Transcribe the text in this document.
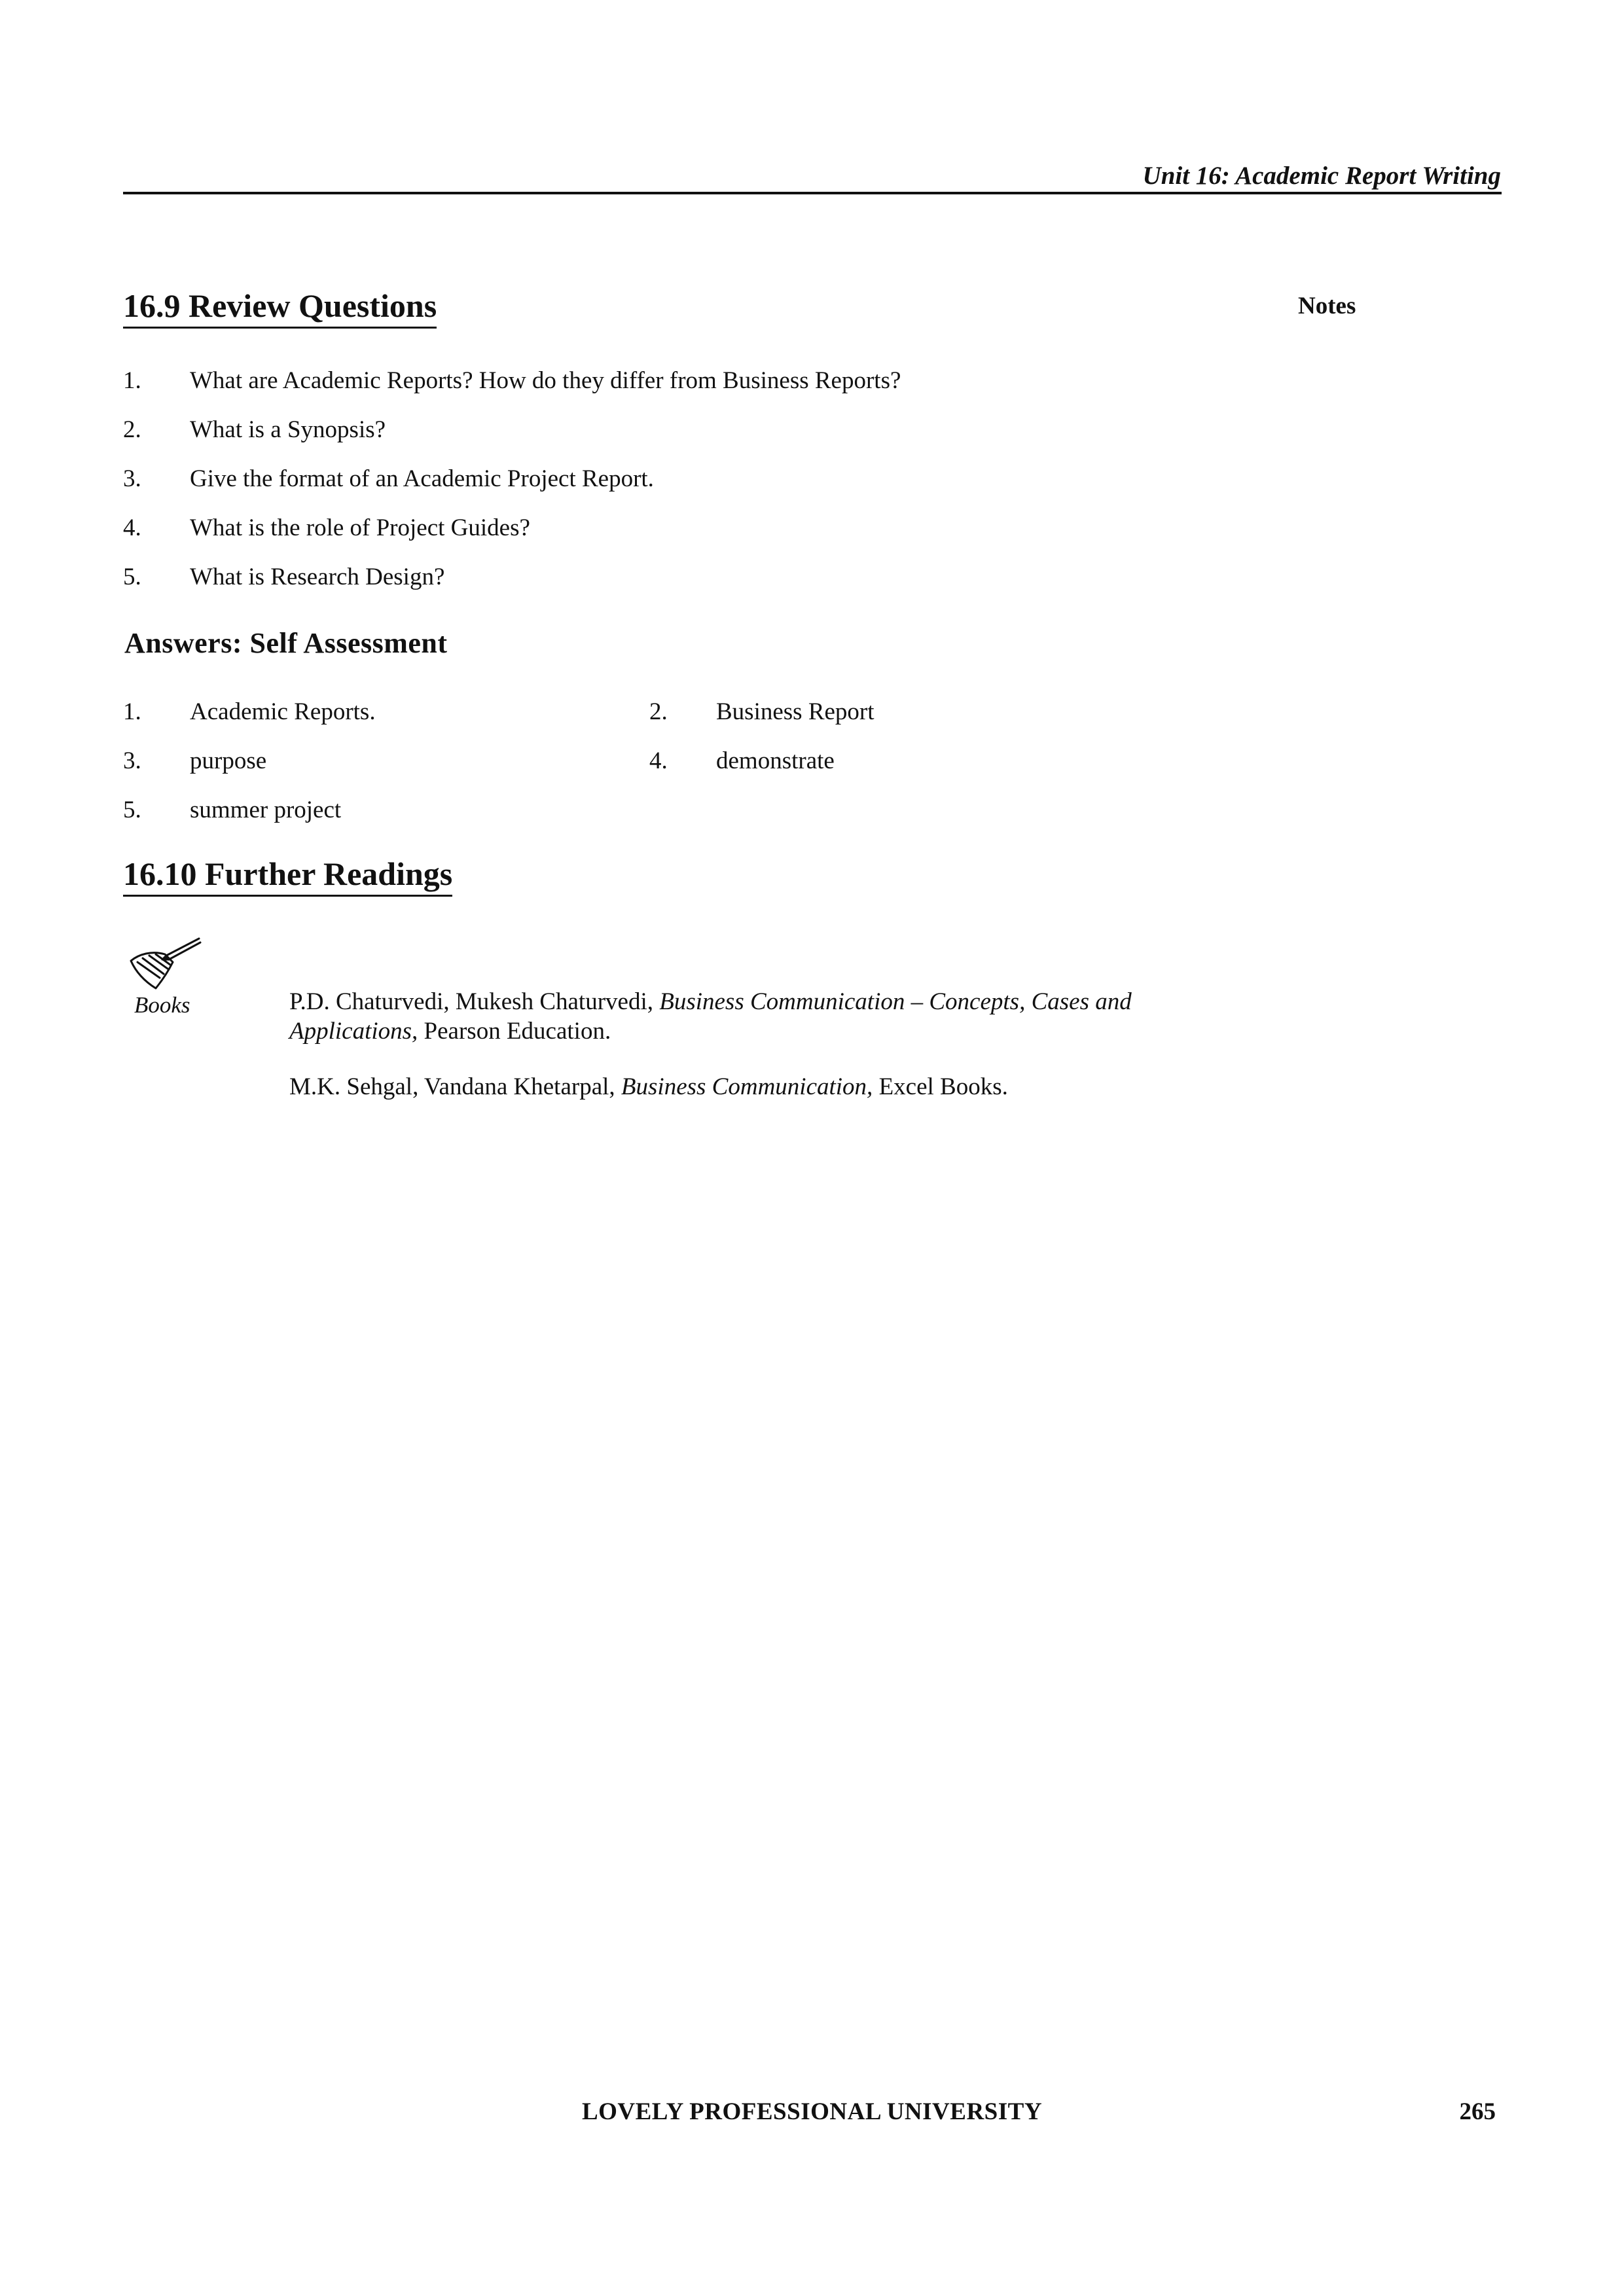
Unit 16: Academic Report Writing
Notes
16.9 Review Questions
1. What are Academic Reports? How do they differ from Business Reports?
2. What is a Synopsis?
3. Give the format of an Academic Project Report.
4. What is the role of Project Guides?
5. What is Research Design?
Answers: Self Assessment
1. Academic Reports.	2. Business Report
3. purpose	4. demonstrate
5. summer project
16.10 Further Readings
Books	P.D. Chaturvedi, Mukesh Chaturvedi, Business Communication – Concepts, Cases and Applications, Pearson Education.
M.K. Sehgal, Vandana Khetarpal, Business Communication, Excel Books.
LOVELY PROFESSIONAL UNIVERSITY	265
